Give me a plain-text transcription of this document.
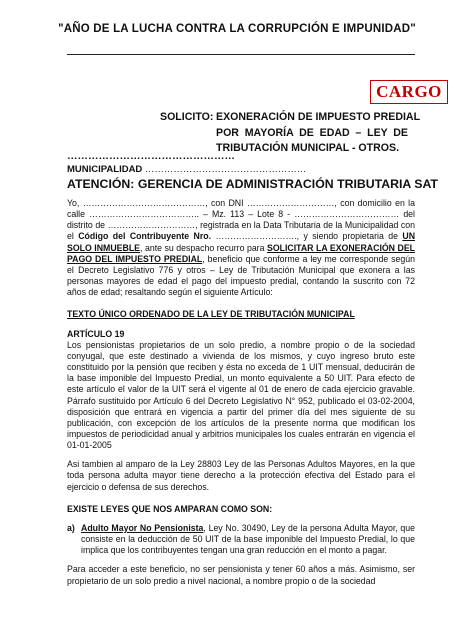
"AÑO DE LA LUCHA CONTRA LA CORRUPCIÓN E IMPUNIDAD"
CARGO
SOLICITO: EXONERACIÓN DE IMPUESTO PREDIAL
POR MAYORÍA DE EDAD – LEY DE
TRIBUTACIÓN MUNICIPAL - OTROS.
…………………………………………
MUNICIPALIDAD ……………………………………………
ATENCIÓN: GERENCIA DE ADMINISTRACIÓN TRIBUTARIA SAT

Yo, ……………………………………, con DNI …………………………, con domicilio en la calle ……………………………….. – Mz. 113 – Lote 8 - ……………………………… del distrito de …………………………, registrada en la Data Tributaria de la Municipalidad con el Código del Contribuyente Nro. ………………………., y siendo propietaria de UN SOLO INMUEBLE, ante su despacho recurro para SOLICITAR LA EXONERACIÓN DEL PAGO DEL IMPUESTO PREDIAL, beneficio que conforme a ley me corresponde según el Decreto Legislativo 776 y otros – Ley de Tributación Municipal que exonera a las personas mayores de edad el pago del impuesto predial, contando la suscrito con 72 años de edad; resaltando según el siguiente Artículo:

TEXTO ÚNICO ORDENADO DE LA LEY DE TRIBUTACIÓN MUNICIPAL

ARTÍCULO 19

Los pensionistas propietarios de un solo predio, a nombre propio o de la sociedad conyugal, que este destinado a vivienda de los mismos, y cuyo ingreso bruto este constituido por la pensión que reciben y ésta no exceda de 1 UIT mensual, deducirán de la base imponible del Impuesto Predial, un monto equivalente a 50 UIT. Para efecto de este artículo el valor de la UIT será el vigente al 01 de enero de cada ejercicio gravable. Párrafo sustituido por Artículo 6 del Decreto Legislativo N° 952, publicado el 03-02-2004, disposición que entrará en vigencia a partir del primer día del mes siguiente de su publicación, con excepción de los artículos de la presente norma que modifican los impuestos de periodicidad anual y arbitrios municipales los cuales entrarán en vigencia el 01-01-2005

Asi tambien al amparo de la Ley 28803 Ley de las Personas Adultos Mayores, en la que toda persona adulta mayor tiene derecho a la protección efectiva del Estado para el ejercicio o defensa de sus derechos.

EXISTE LEYES QUE NOS AMPARAN COMO SON:

a) Adulto Mayor No Pensionista, Ley No. 30490, Ley de la persona Adulta Mayor, que consiste en la deducción de 50 UIT de la base imponible del Impuesto Predial, lo que implica que los contribuyentes tengan una gran reducción en el monto a pagar.

Para acceder a este beneficio, no ser pensionista y tener 60 años a más. Asimismo, ser propietario de un solo predio a nivel nacional, a nombre propio o de la sociedad
